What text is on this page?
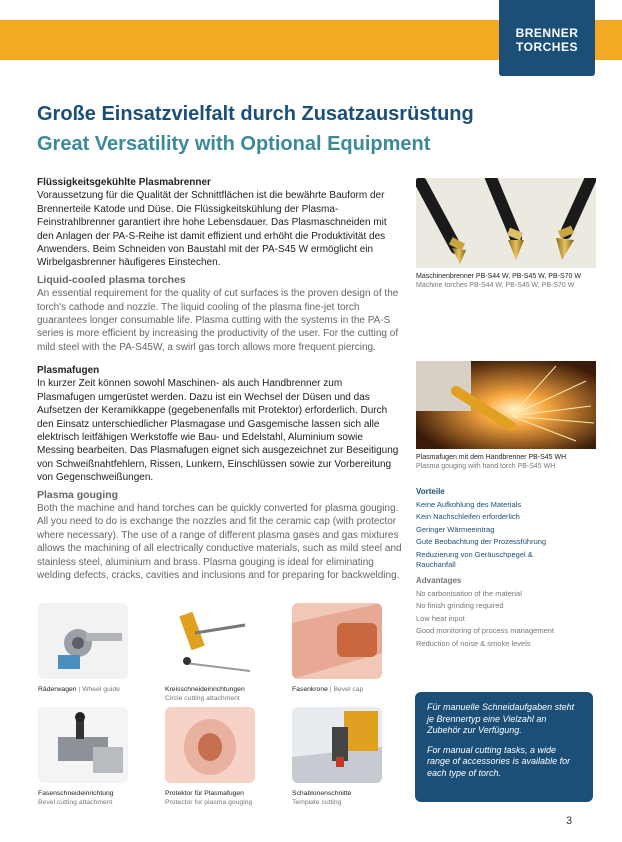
BRENNER
TORCHES
Große Einsatzvielfalt durch Zusatzausrüstung
Great Versatility with Optional Equipment
Flüssigkeitsgekühlte Plasmabrenner
Voraussetzung für die Qualität der Schnittflächen ist die bewährte Bauform der Brennerteile Katode und Düse. Die Flüssigkeitskühlung der Plasma-Feinstrahlbrenner garantiert ihre hohe Lebensdauer. Das Plasmaschneiden mit den Anlagen der PA-S-Reihe ist damit effizient und erhöht die Produktivität des Anwenders. Beim Schneiden von Baustahl mit der PA-S45 W ermöglicht ein Wirbelgasbrenner häufigeres Einstechen.
Liquid-cooled plasma torches
An essential requirement for the quality of cut surfaces is the proven design of the torch's cathode and nozzle. The liquid cooling of the plasma fine-jet torch guarantees longer consumable life. Plasma cutting with the systems in the PA-S series is more efficient by increasing the productivity of the user. For the cutting of mild steel with the PA-S45W, a swirl gas torch allows more frequent piercing.
Plasmafugen
In kurzer Zeit können sowohl Maschinen- als auch Handbrenner zum Plasmafugen umgerüstet werden. Dazu ist ein Wechsel der Düsen und das Aufsetzen der Keramikkappe (gegebenenfalls mit Protektor) erforderlich. Durch den Einsatz unterschiedlicher Plasmagase und Gasgemische lassen sich alle elektrisch leitfähigen Werkstoffe wie Bau- und Edelstahl, Aluminium sowie Messing bearbeiten. Das Plasmafugen eignet sich ausgezeichnet zur Beseitigung von Schweißnahtfehlern, Rissen, Lunkern, Einschlüssen sowie zur Vorbereitung von Gegenschweißungen.
Plasma gouging
Both the machine and hand torches can be quickly converted for plasma gouging. All you need to do is exchange the nozzles and fit the ceramic cap (with protector where necessary). The use of a range of different plasma gases and gas mixtures allows the machining of all electrically conductive materials, such as mild steel and stainless steel, aluminium and brass. Plasma gouging is ideal for eliminating welding defects, cracks, cavities and inclusions and for preparing for backwelding.
Maschinenbrenner PB-S44 W, PB-S45 W, PB-S70 W
Machine torches PB-S44 W, PB-S45 W, PB-S70 W
Plasmafugen mit dem Handbrenner PB-S45 WH
Plasma gouging with hand torch PB-S45 WH
Vorteile
Keine Aufkohlung des Materials
Kein Nachschleifen erforderlich
Geringer Wärmeeintrag
Gute Beobachtung der Prozessführung
Reduzierung von Geräuschpegel &
Rauchanfall
Advantages
No carbonisation of the material
No finish grinding required
Low heat input
Good monitoring of process management
Reduction of noise & smoke levels
Räderwagen | Wheel guide	Kreisschneideinrichtungen
Circle cutting attachment
Fasenkrone | Bevel cap
Fasenschneideinrichtung
Bevel cutting attachment
Protektor für Plasmafugen
Protector for plasma gouging
Schablonenschnitte
Template cutting

Für manuelle Schneidaufgaben steht je Brennertyp eine Vielzahl an Zubehör zur Verfügung.

For manual cutting tasks, a wide range of accessories is available for each type of torch.

3
